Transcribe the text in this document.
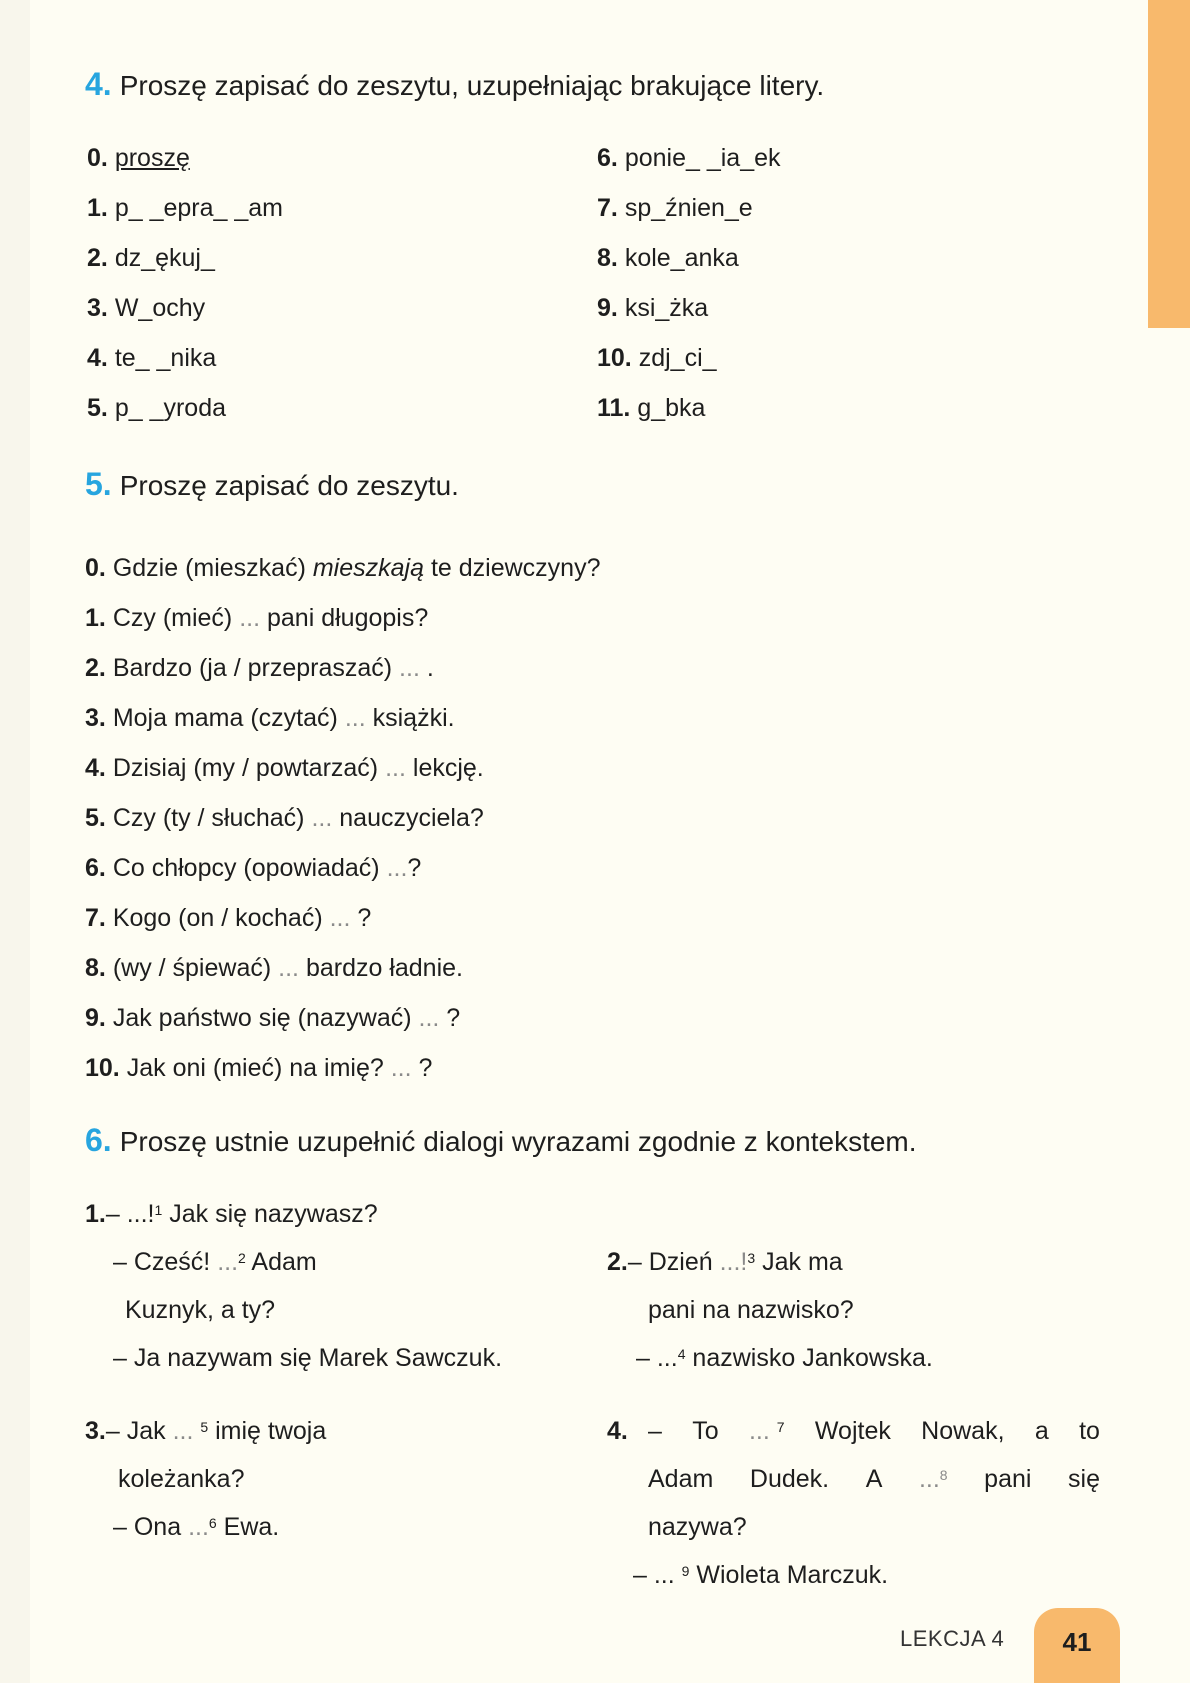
4. Proszę zapisać do zeszytu, uzupełniając brakujące litery.
0. proszę
1. p_ _epra_ _am
2. dz_ękuj_
3. W_ochy
4. te_ _nika
5. p_ _yroda
6. ponie_ _ia_ek
7. sp_źnien_e
8. kole_anka
9. ksi_żka
10. zdj_ci_
11. g_bka
5. Proszę zapisać do zeszytu.
0. Gdzie (mieszkać) mieszkają te dziewczyny?
1. Czy (mieć) ... pani długopis?
2. Bardzo (ja / przepraszać) ... .
3. Moja mama (czytać) ... książki.
4. Dzisiaj (my / powtarzać) ... lekcję.
5. Czy (ty / słuchać) ... nauczyciela?
6. Co chłopcy (opowiadać) ...?
7. Kogo (on / kochać) ... ?
8. (wy / śpiewać) ... bardzo ładnie.
9. Jak państwo się (nazywać) ... ?
10. Jak oni (mieć) na imię? ... ?
6. Proszę ustnie uzupełnić dialogi wyrazami zgodnie z kontekstem.
1.– ...!$^1$ Jak się nazywasz?
– Cześć! ...$^2$ Adam
Kuznyk, a ty?
– Ja nazywam się Marek Sawczuk.
2.– Dzień ...!$^3$ Jak ma
pani na nazwisko?
– ...$^4$ nazwisko Jankowska.
3.– Jak ... $^5$ imię twoja
koleżanka?
– Ona ...$^6$ Ewa.
4. – To ... $^7$ Wojtek Nowak, a to
Adam Dudek. A ...$^8$ pani się
nazywa?
– ... $^9$ Wioleta Marczuk.
LEKCJA 4	41
